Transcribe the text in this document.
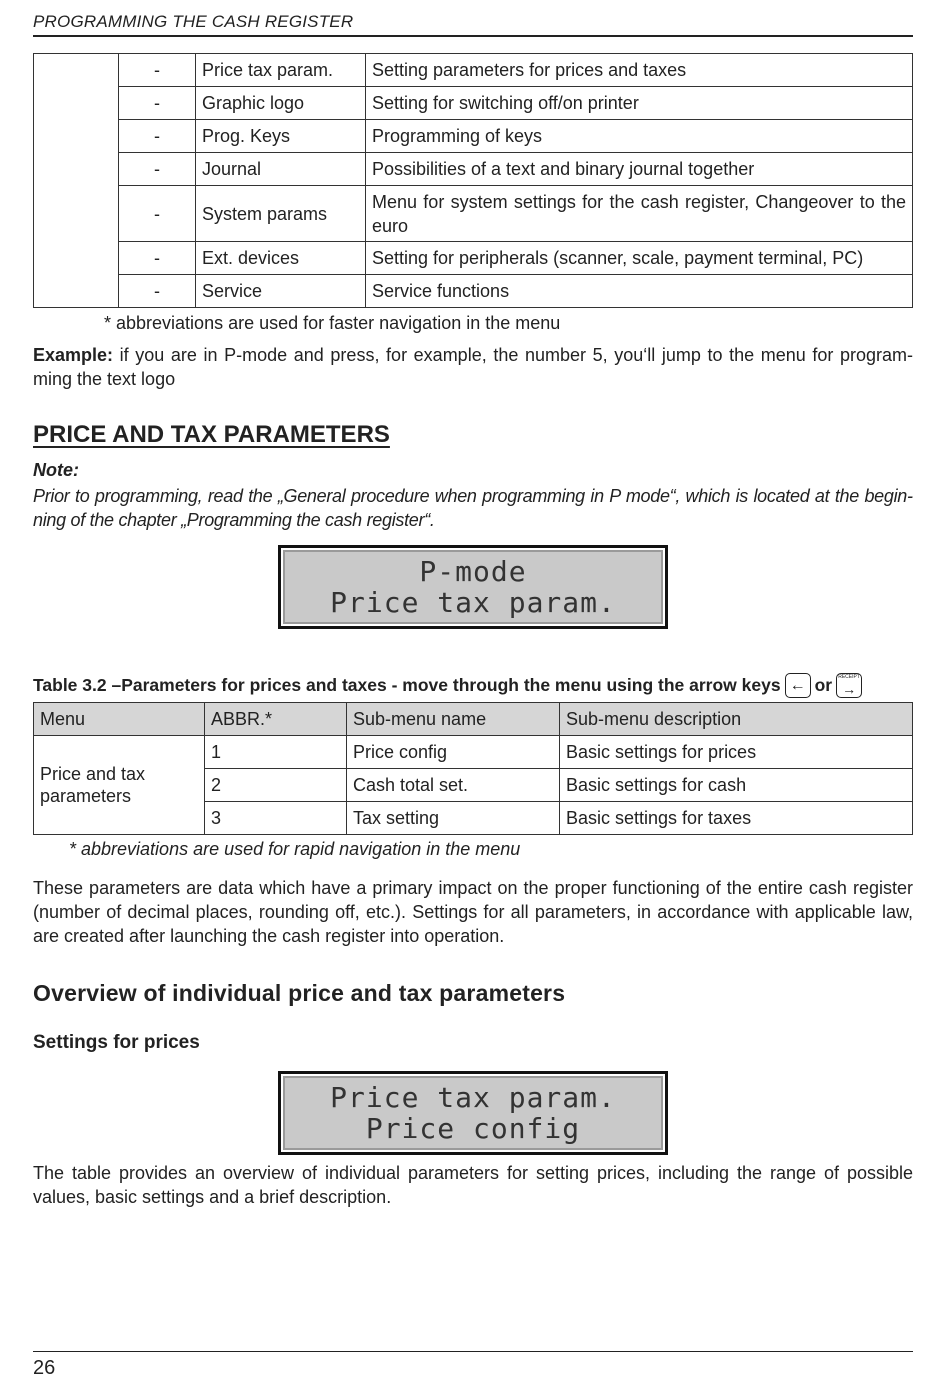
PROGRAMMING THE CASH REGISTER
	-	Price tax param.	Setting parameters for prices and taxes
	-	Graphic logo	Setting for switching off/on printer
	-	Prog. Keys	Programming of keys
	-	Journal	Possibilities of a text and binary journal together
	-	System params	Menu for system settings for the cash register, Changeover to the euro
	-	Ext. devices	Setting for peripherals (scanner, scale, payment terminal, PC)
	-	Service	Service functions
* abbreviations are used for faster navigation in the menu
Example: if you are in P-mode and press, for example, the number 5, you‘ll jump to the menu for programming the text logo
PRICE AND TAX PARAMETERS
Note:
Prior to programming, read the „General procedure when programming in P mode“, which is located at the beginning of the chapter „Programming the cash register“.
P-mode
Price tax param.
Table 3.2 –Parameters for prices and taxes - move through the menu using the arrow keys ← or RECEIPT
→
Menu	ABBR.*	Sub-menu name	Sub-menu description
Price and tax parameters	1	Price config	Basic settings for prices
	2	Cash total set.	Basic settings for cash
	3	Tax setting	Basic settings for taxes
* abbreviations are used for rapid navigation in the menu
These parameters are data which have a primary impact on the proper functioning of the entire cash register (number of decimal places, rounding off, etc.). Settings for all parameters, in accordance with applicable law, are created after launching the cash register into operation.
Overview of individual price and tax parameters
Settings for prices
Price tax param.
Price config
The table provides an overview of individual parameters for setting prices, including the range of possible values, basic settings and a brief description.
26
